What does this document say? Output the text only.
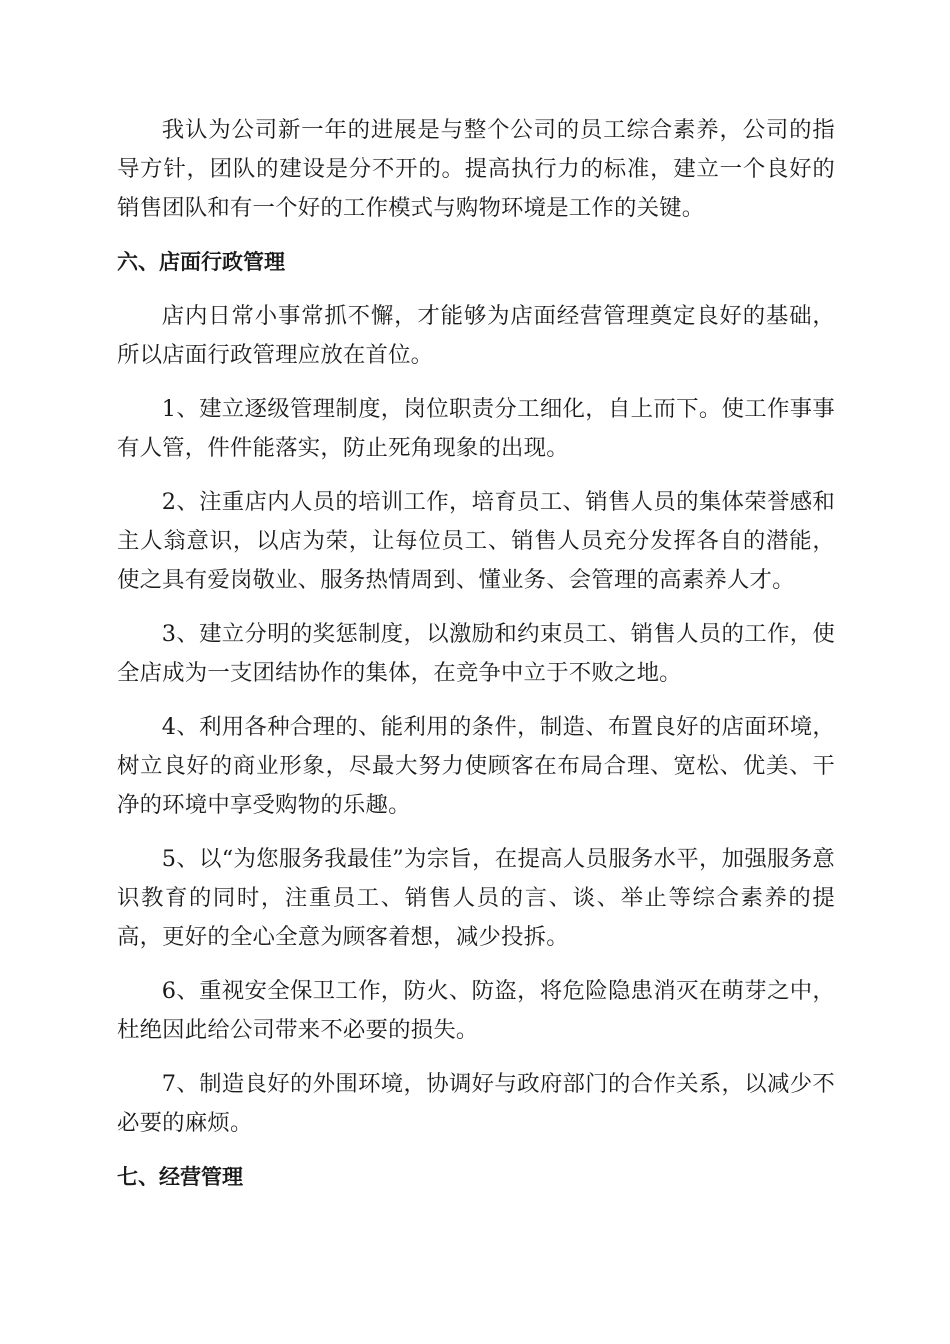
我认为公司新一年的进展是与整个公司的员工综合素养，公司的指导方针，团队的建设是分不开的。提高执行力的标准，建立一个良好的销售团队和有一个好的工作模式与购物环境是工作的关键。

六、店面行政管理

店内日常小事常抓不懈，才能够为店面经营管理奠定良好的基础，所以店面行政管理应放在首位。

1、建立逐级管理制度，岗位职责分工细化，自上而下。使工作事事有人管，件件能落实，防止死角现象的出现。

2、注重店内人员的培训工作，培育员工、销售人员的集体荣誉感和主人翁意识，以店为荣，让每位员工、销售人员充分发挥各自的潜能，使之具有爱岗敬业、服务热情周到、懂业务、会管理的高素养人才。

3、建立分明的奖惩制度，以激励和约束员工、销售人员的工作，使全店成为一支团结协作的集体，在竞争中立于不败之地。

4、利用各种合理的、能利用的条件，制造、布置良好的店面环境，树立良好的商业形象，尽最大努力使顾客在布局合理、宽松、优美、干净的环境中享受购物的乐趣。

5、以“为您服务我最佳”为宗旨，在提高人员服务水平，加强服务意识教育的同时，注重员工、销售人员的言、谈、举止等综合素养的提高，更好的全心全意为顾客着想，减少投拆。

6、重视安全保卫工作，防火、防盗，将危险隐患消灭在萌芽之中，杜绝因此给公司带来不必要的损失。

7、制造良好的外围环境，协调好与政府部门的合作关系，以减少不必要的麻烦。

七、经营管理
